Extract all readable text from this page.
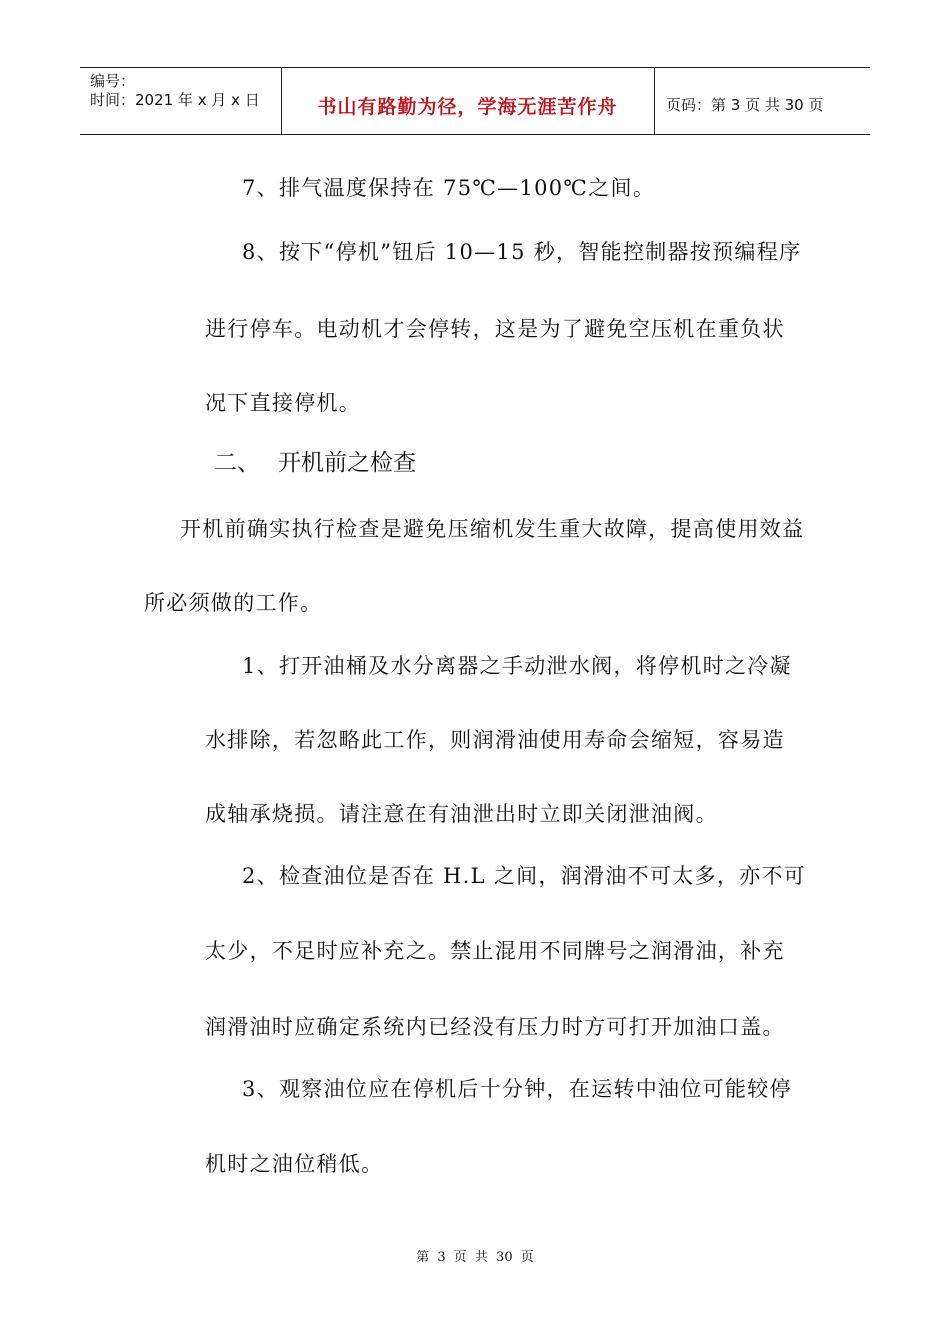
编号：
时间：2021 年 x 月 x 日	书山有路勤为径，学海无涯苦作舟	页码：第 3 页 共 30 页
7、排气温度保持在 75℃—100℃之间。
8、按下“停机”钮后 10—15 秒，智能控制器按预编程序
进行停车。电动机才会停转，这是为了避免空压机在重负状
况下直接停机。
二、 开机前之检查
开机前确实执行检查是避免压缩机发生重大故障，提高使用效益
所必须做的工作。
1、打开油桶及水分离器之手动泄水阀，将停机时之冷凝
水排除，若忽略此工作，则润滑油使用寿命会缩短，容易造
成轴承烧损。请注意在有油泄出时立即关闭泄油阀。
2、检查油位是否在 H.L 之间，润滑油不可太多，亦不可
太少，不足时应补充之。禁止混用不同牌号之润滑油，补充
润滑油时应确定系统内已经没有压力时方可打开加油口盖。
3、观察油位应在停机后十分钟，在运转中油位可能较停
机时之油位稍低。
第 3 页 共 30 页
